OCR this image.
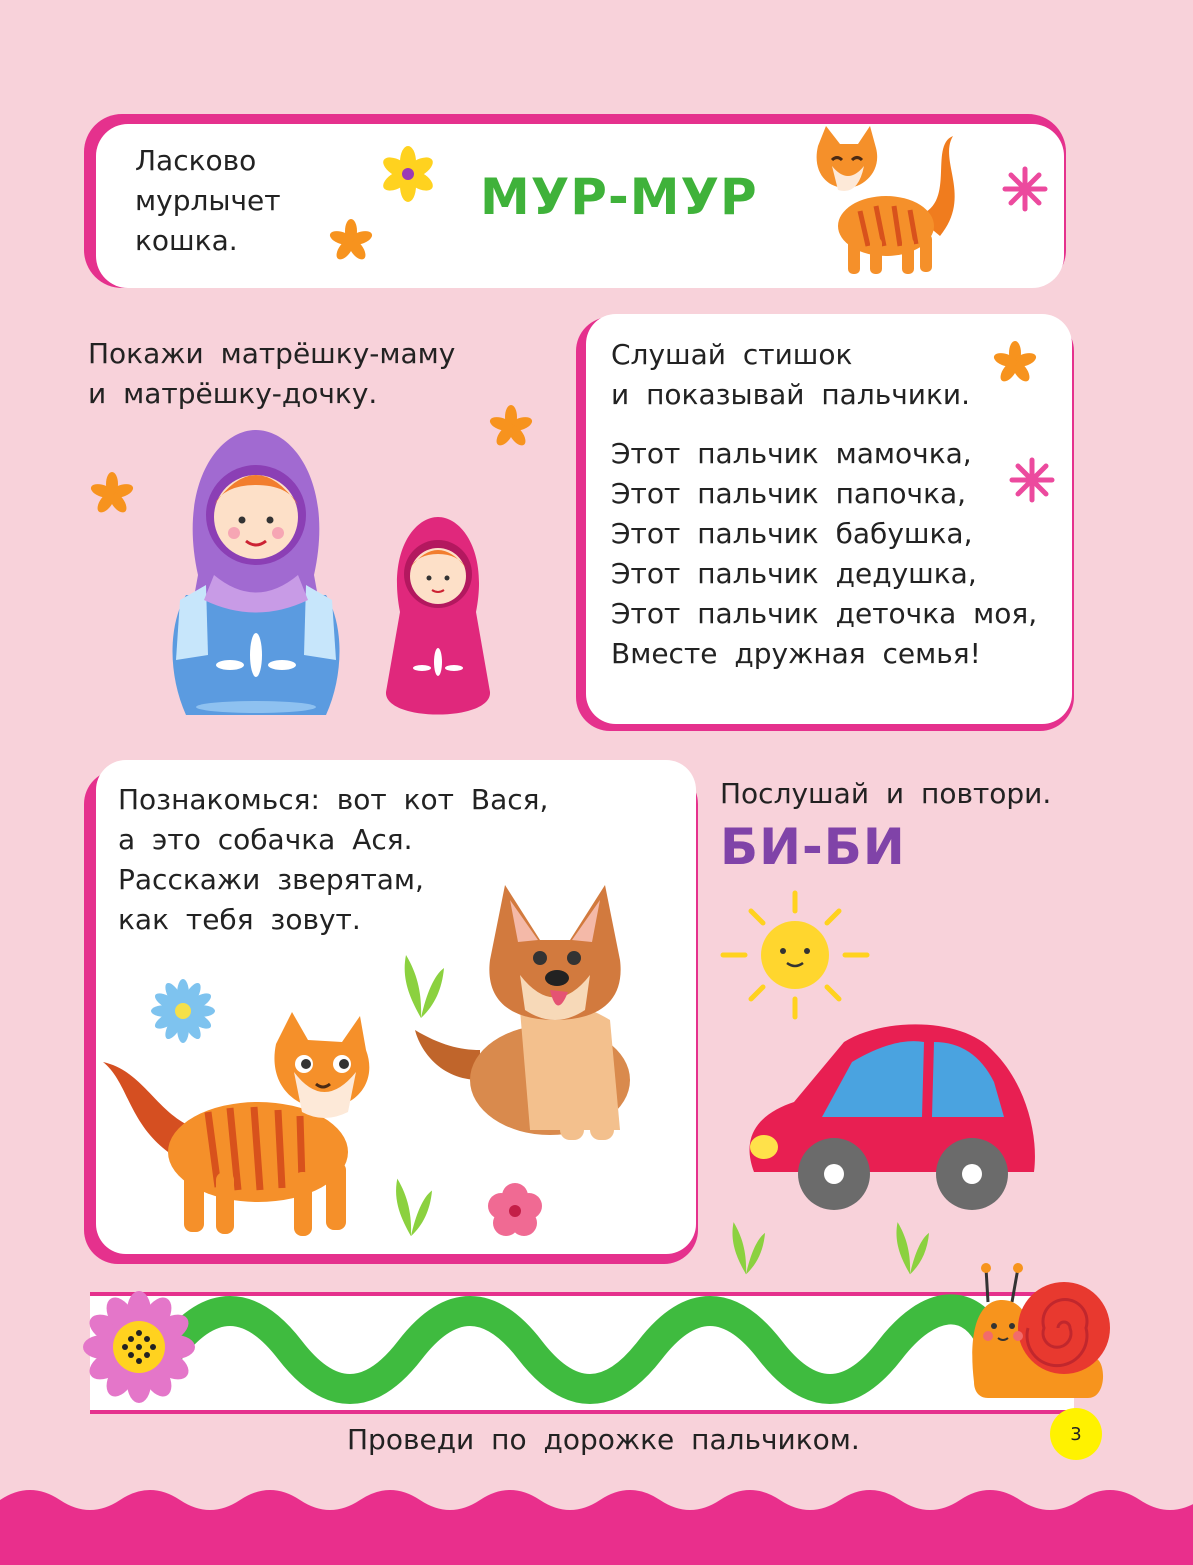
Ласково
мурлычет
кошка.
МУР-МУР
Покажи матрёшку-маму
и матрёшку-дочку.
Слушай стишок
и показывай пальчики.
Этот пальчик мамочка,
Этот пальчик папочка,
Этот пальчик бабушка,
Этот пальчик дедушка,
Этот пальчик деточка моя,
Вместе дружная семья!
Познакомься: вот кот Вася,
а это собачка Ася.
Расскажи зверятам,
как тебя зовут.
Послушай и повтори.
БИ-БИ
Проведи по дорожке пальчиком.	3
